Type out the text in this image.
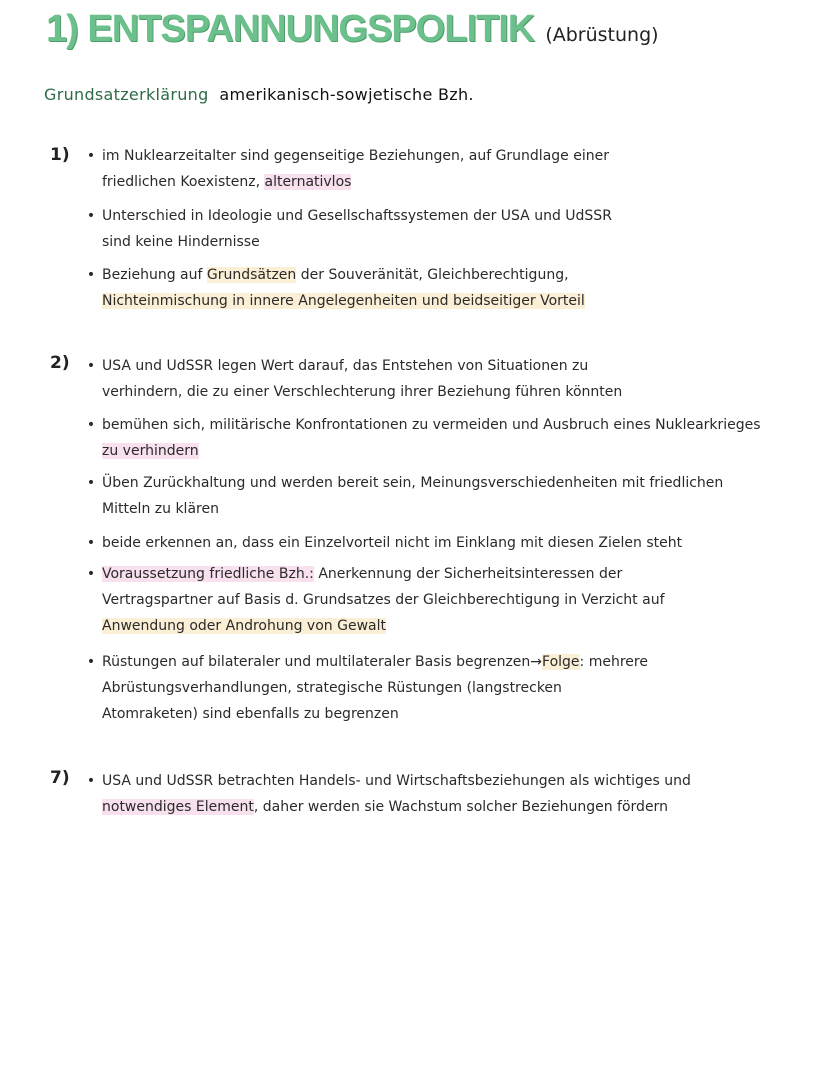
1) ENTSPANNUNGSPOLITIK (Abrüstung)
Grundsatzerklärung amerikanisch-sowjetische Bzh.
1) • im Nuklearzeitalter sind gegenseitige Beziehungen, auf Grundlage einer
friedlichen Koexistenz, alternativlos
• Unterschied in Ideologie und Gesellschaftssystemen der USA und UdSSR
sind keine Hindernisse
• Beziehung auf Grundsätzen der Souveränität, Gleichberechtigung,
Nichteinmischung in innere Angelegenheiten und beidseitiger Vorteil
2) • USA und UdSSR legen Wert darauf, das Entstehen von Situationen zu
verhindern, die zu einer Verschlechterung ihrer Beziehung führen könnten
• bemühen sich, militärische Konfrontationen zu vermeiden und Ausbruch eines Nuklearkrieges
zu verhindern
• Üben Zurückhaltung und werden bereit sein, Meinungsverschiedenheiten mit friedlichen
Mitteln zu klären
• beide erkennen an, dass ein Einzelvorteil nicht im Einklang mit diesen Zielen steht
• Voraussetzung friedliche Bzh.: Anerkennung der Sicherheitsinteressen der
Vertragspartner auf Basis d. Grundsatzes der Gleichberechtigung in Verzicht auf
Anwendung oder Androhung von Gewalt
• Rüstungen auf bilateraler und multilateraler Basis begrenzen→Folge: mehrere
Abrüstungsverhandlungen, strategische Rüstungen (langstrecken
Atomraketen) sind ebenfalls zu begrenzen
7) • USA und UdSSR betrachten Handels- und Wirtschaftsbeziehungen als wichtiges und
notwendiges Element, daher werden sie Wachstum solcher Beziehungen fördern
